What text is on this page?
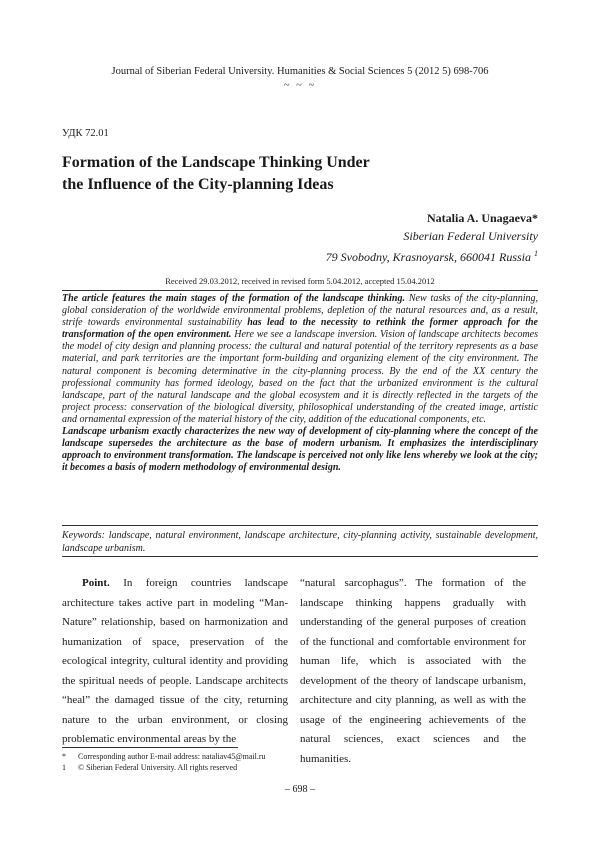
Journal of Siberian Federal University. Humanities & Social Sciences 5 (2012 5) 698-706
~ ~ ~
УДК 72.01
Formation of the Landscape Thinking Under
the Influence of the City-planning Ideas
Natalia A. Unagaeva*
Siberian Federal University
79 Svobodny, Krasnoyarsk, 660041 Russia $^1$
Received 29.03.2012, received in revised form 5.04.2012, accepted 15.04.2012
The article features the main stages of the formation of the landscape thinking. New tasks of the city-planning, global consideration of the worldwide environmental problems, depletion of the natural resources and, as a result, strife towards environmental sustainability has lead to the necessity to rethink the former approach for the transformation of the open environment. Here we see a landscape inversion. Vision of landscape architects becomes the model of city design and planning process: the cultural and natural potential of the territory represents as a base material, and park territories are the important form-building and organizing element of the city environment. The natural component is becoming determinative in the city-planning process. By the end of the XX century the professional community has formed ideology, based on the fact that the urbanized environment is the cultural landscape, part of the natural landscape and the global ecosystem and it is directly reflected in the targets of the project process: conservation of the biological diversity, philosophical understanding of the created image, artistic and ornamental expression of the material history of the city, addition of the educational components, etc.
Landscape urbanism exactly characterizes the new way of development of city-planning where the concept of the landscape supersedes the architecture as the base of modern urbanism. It emphasizes the interdisciplinary approach to environment transformation. The landscape is perceived not only like lens whereby we look at the city; it becomes a basis of modern methodology of environmental design.
Keywords: landscape, natural environment, landscape architecture, city-planning activity, sustainable development, landscape urbanism.
Point. In foreign countries landscape architecture takes active part in modeling “Man-Nature” relationship, based on harmonization and humanization of space, preservation of the ecological integrity, cultural identity and providing the spiritual needs of people. Landscape architects “heal” the damaged tissue of the city, returning nature to the urban environment, or closing problematic environmental areas by the
“natural sarcophagus”. The formation of the landscape thinking happens gradually with understanding of the general purposes of creation of the functional and comfortable environment for human life, which is associated with the development of the theory of landscape urbanism, architecture and city planning, as well as with the usage of the engineering achievements of the natural sciences, exact sciences and the humanities.
* Corresponding author E-mail address: nataliav45@mail.ru
1 © Siberian Federal University. All rights reserved
– 698 –
